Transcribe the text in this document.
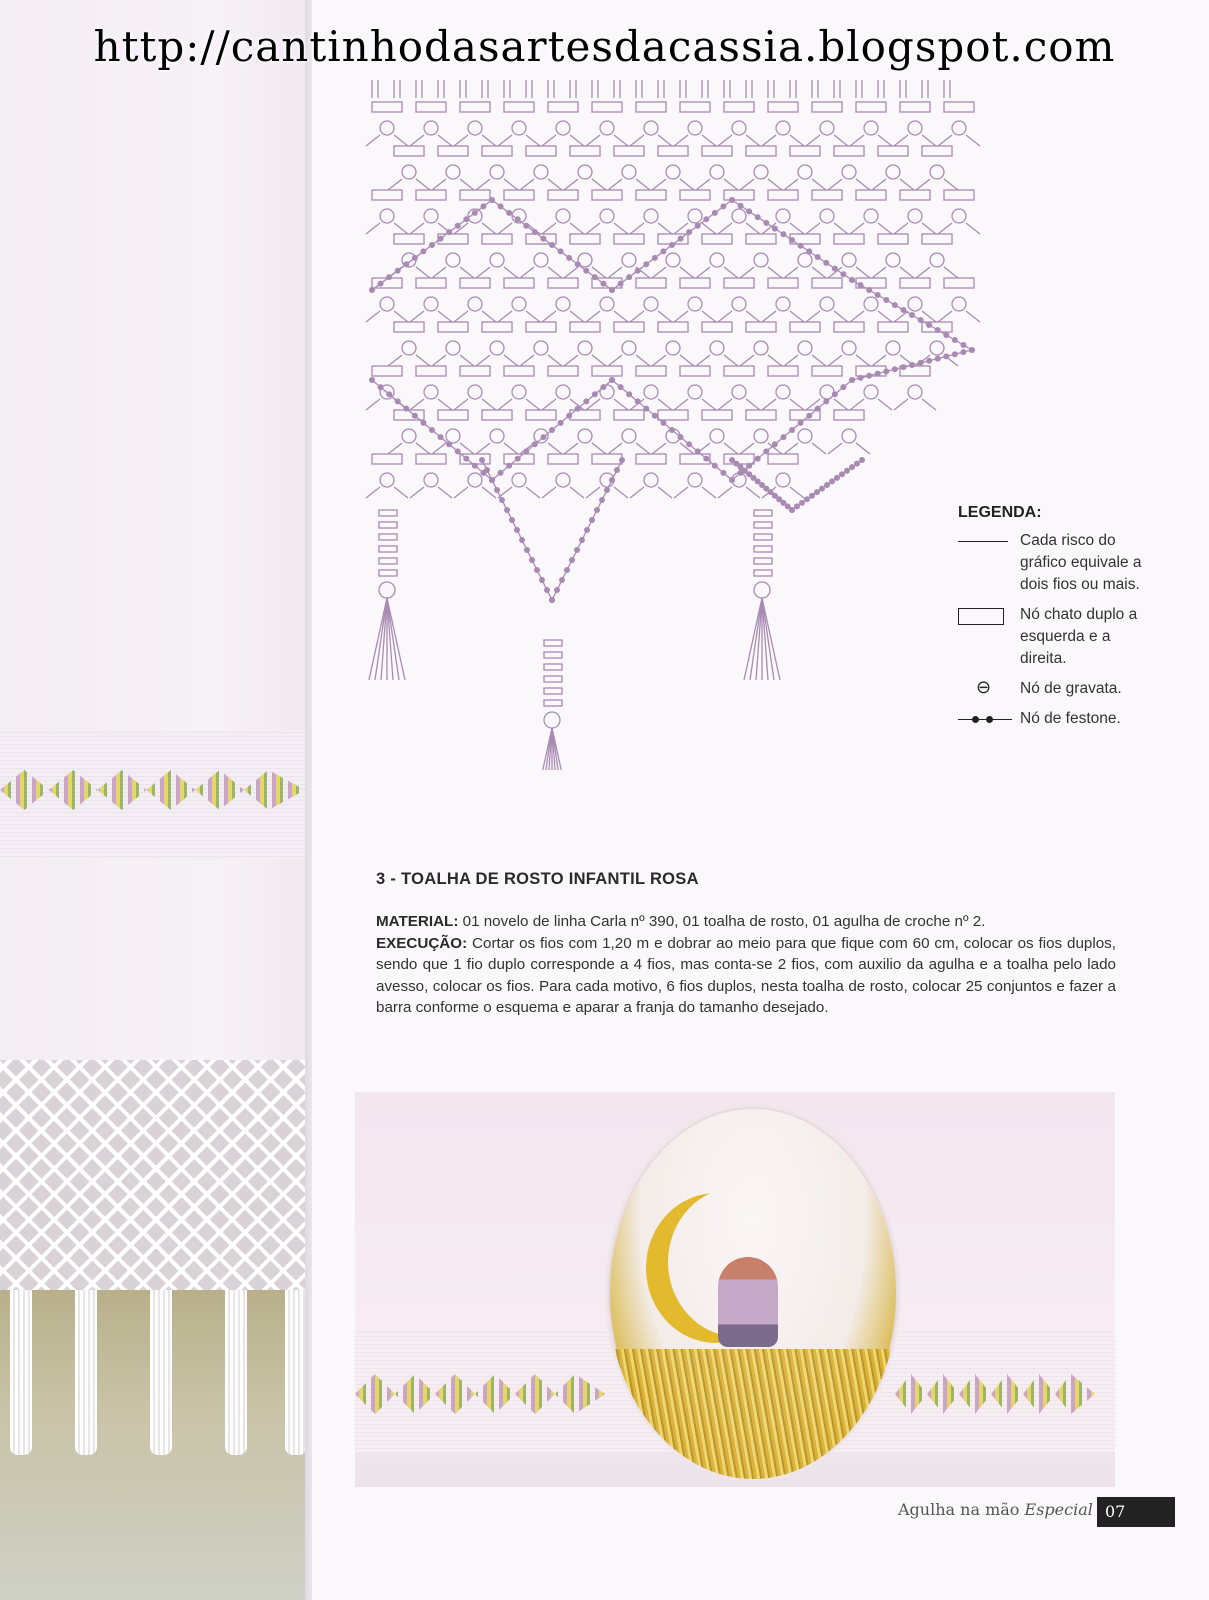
http://cantinhodasartesdacassia.blogspot.com
LEGENDA:
Cada risco do gráfico equivale a dois fios ou mais.
Nó chato duplo a esquerda e a direita.
⊖
Nó de gravata.
Nó de festone.
3 - TOALHA DE ROSTO INFANTIL ROSA

MATERIAL: 01 novelo de linha Carla nº 390, 01 toalha de rosto, 01 agulha de croche nº 2.
EXECUÇÃO: Cortar os fios com 1,20 m e dobrar ao meio para que fique com 60 cm, colocar os fios duplos, sendo que 1 fio duplo corresponde a 4 fios, mas conta-se 2 fios, com auxilio da agulha e a toalha pelo lado avesso, colocar os fios. Para cada motivo, 6 fios duplos, nesta toalha de rosto, colocar 25 conjuntos e fazer a barra conforme o esquema e aparar a franja do tamanho desejado.

Agulha na mão Especial 07
